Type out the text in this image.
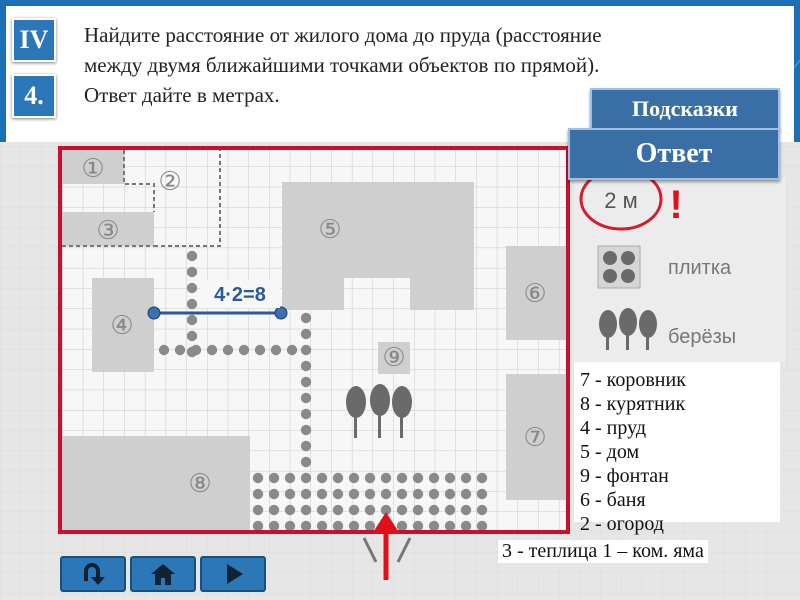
4·2=8
① ②
③
④
⑤
⑥
⑦
⑧
⑨
2 м !
плитка
берёзы
IV
4.
Найдите расстояние от жилого дома до пруда (расстояние
между двумя ближайшими точками объектов по прямой).
Ответ дайте в метрах.
Подсказки
Ответ
7 - коровник
8 - курятник
4 - пруд
5 - дом
9 - фонтан
6 - баня
2 - огород
3 - теплица 1 – ком. яма
